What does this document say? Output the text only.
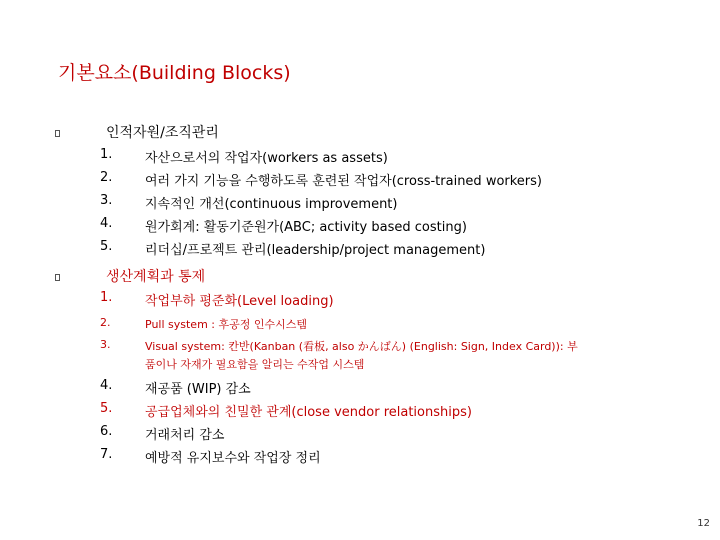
기본요소(Building Blocks)
인적자원/조직관리
1.	자산으로서의 작업자(workers as assets)
2.	여러 가지 기능을 수행하도록 훈련된 작업자(cross-trained workers)
3.	지속적인 개선(continuous improvement)
4.	원가회계: 활동기준원가(ABC; activity based costing)
5.	리더십/프로젝트 관리(leadership/project management)
생산계획과 통제
1.	작업부하 평준화(Level loading)
2.	Pull system : 후공정 인수시스템
3.	Visual system: 칸반(Kanban (看板, also かんばん) (English: Sign, Index Card)): 부
품이나 자재가 필요함을 알리는 수작업 시스템
4.	재공품 (WIP) 감소
5.	공급업체와의 친밀한 관계(close vendor relationships)
6.	거래처리 감소
7.	예방적 유지보수와 작업장 정리
12
